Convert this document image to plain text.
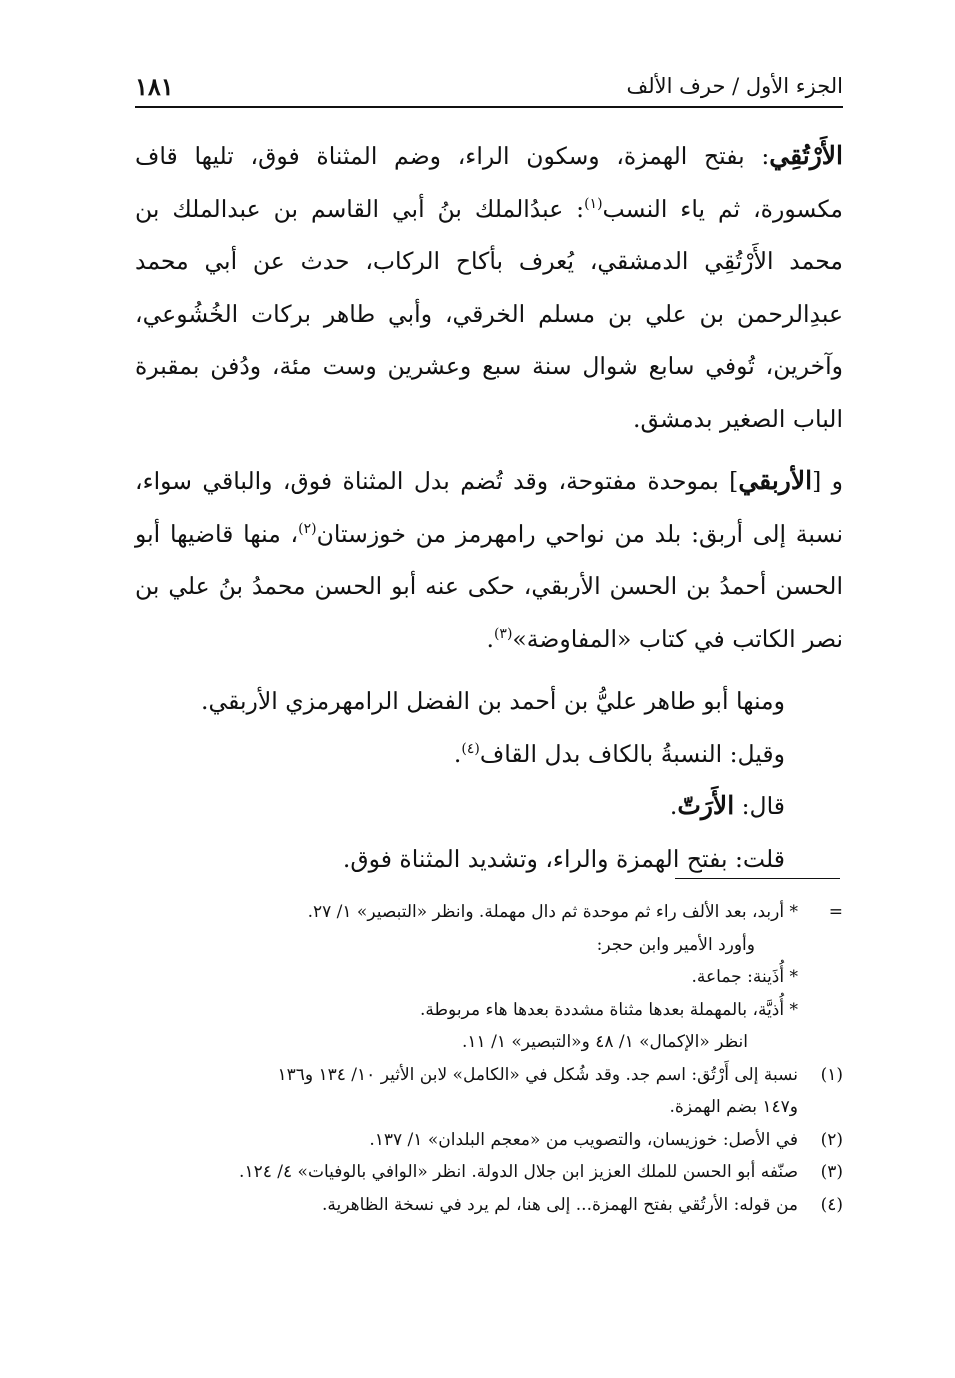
الجزء الأول / حرف الألف
١٨١

الأَرْتُقِي: بفتح الهمزة، وسكون الراء، وضم المثناة فوق، تليها قاف مكسورة، ثم ياء النسب$^{(١)}$: عبدُالملك بنُ أبي القاسم بن عبدالملك بن محمد الأَرْتُقِي الدمشقي، يُعرف بأكاح الركاب، حدث عن أبي محمد عبدِالرحمن بن علي بن مسلم الخرقي، وأبي طاهر بركات الخُشُوعي، وآخرين، تُوفي سابع شوال سنة سبع وعشرين وست مئة، ودُفن بمقبرة الباب الصغير بدمشق.

و [الأربقي] بموحدة مفتوحة، وقد تُضم بدل المثناة فوق، والباقي سواء، نسبة إلى أربق: بلد من نواحي رامهرمز من خوزستان$^{(٢)}$، منها قاضيها أبو الحسن أحمدُ بن الحسن الأربقي، حكى عنه أبو الحسن محمدُ بنُ علي بن نصر الكاتب في كتاب «المفاوضة»$^{(٣)}$.

ومنها أبو طاهر عليُّ بن أحمد بن الفضل الرامهرمزي الأربقي.

وقيل: النسبةُ بالكاف بدل القاف$^{(٤)}$.

قال: الأَرَتّ.

قلت: بفتح الهمزة والراء، وتشديد المثناة فوق.

=
* أربد، بعد الألف راء ثم موحدة ثم دال مهملة. وانظر «التبصير» ١/ ٢٧.
وأورد الأمير وابن حجر:
* أُذَينة: جماعة.
* أُذيَّة، بالمهملة بعدها مثناة مشددة بعدها هاء مربوطة.
انظر «الإكمال» ١/ ٤٨ و«التبصير» ١/ ١١.
(١)
نسبة إلى أَرْتُق: اسم جد. وقد شُكل في «الكامل» لابن الأثير ١٠/ ١٣٤ و١٣٦
و١٤٧ بضم الهمزة.
(٢)
في الأصل: خوزيسان، والتصويب من «معجم البلدان» ١/ ١٣٧.
(٣)
صنّفه أبو الحسن للملك العزيز ابن جلال الدولة. انظر «الوافي بالوفيات» ٤/ ١٢٤.
(٤)
من قوله: الأرتُقي بفتح الهمزة... إلى هنا، لم يرد في نسخة الظاهرية.
